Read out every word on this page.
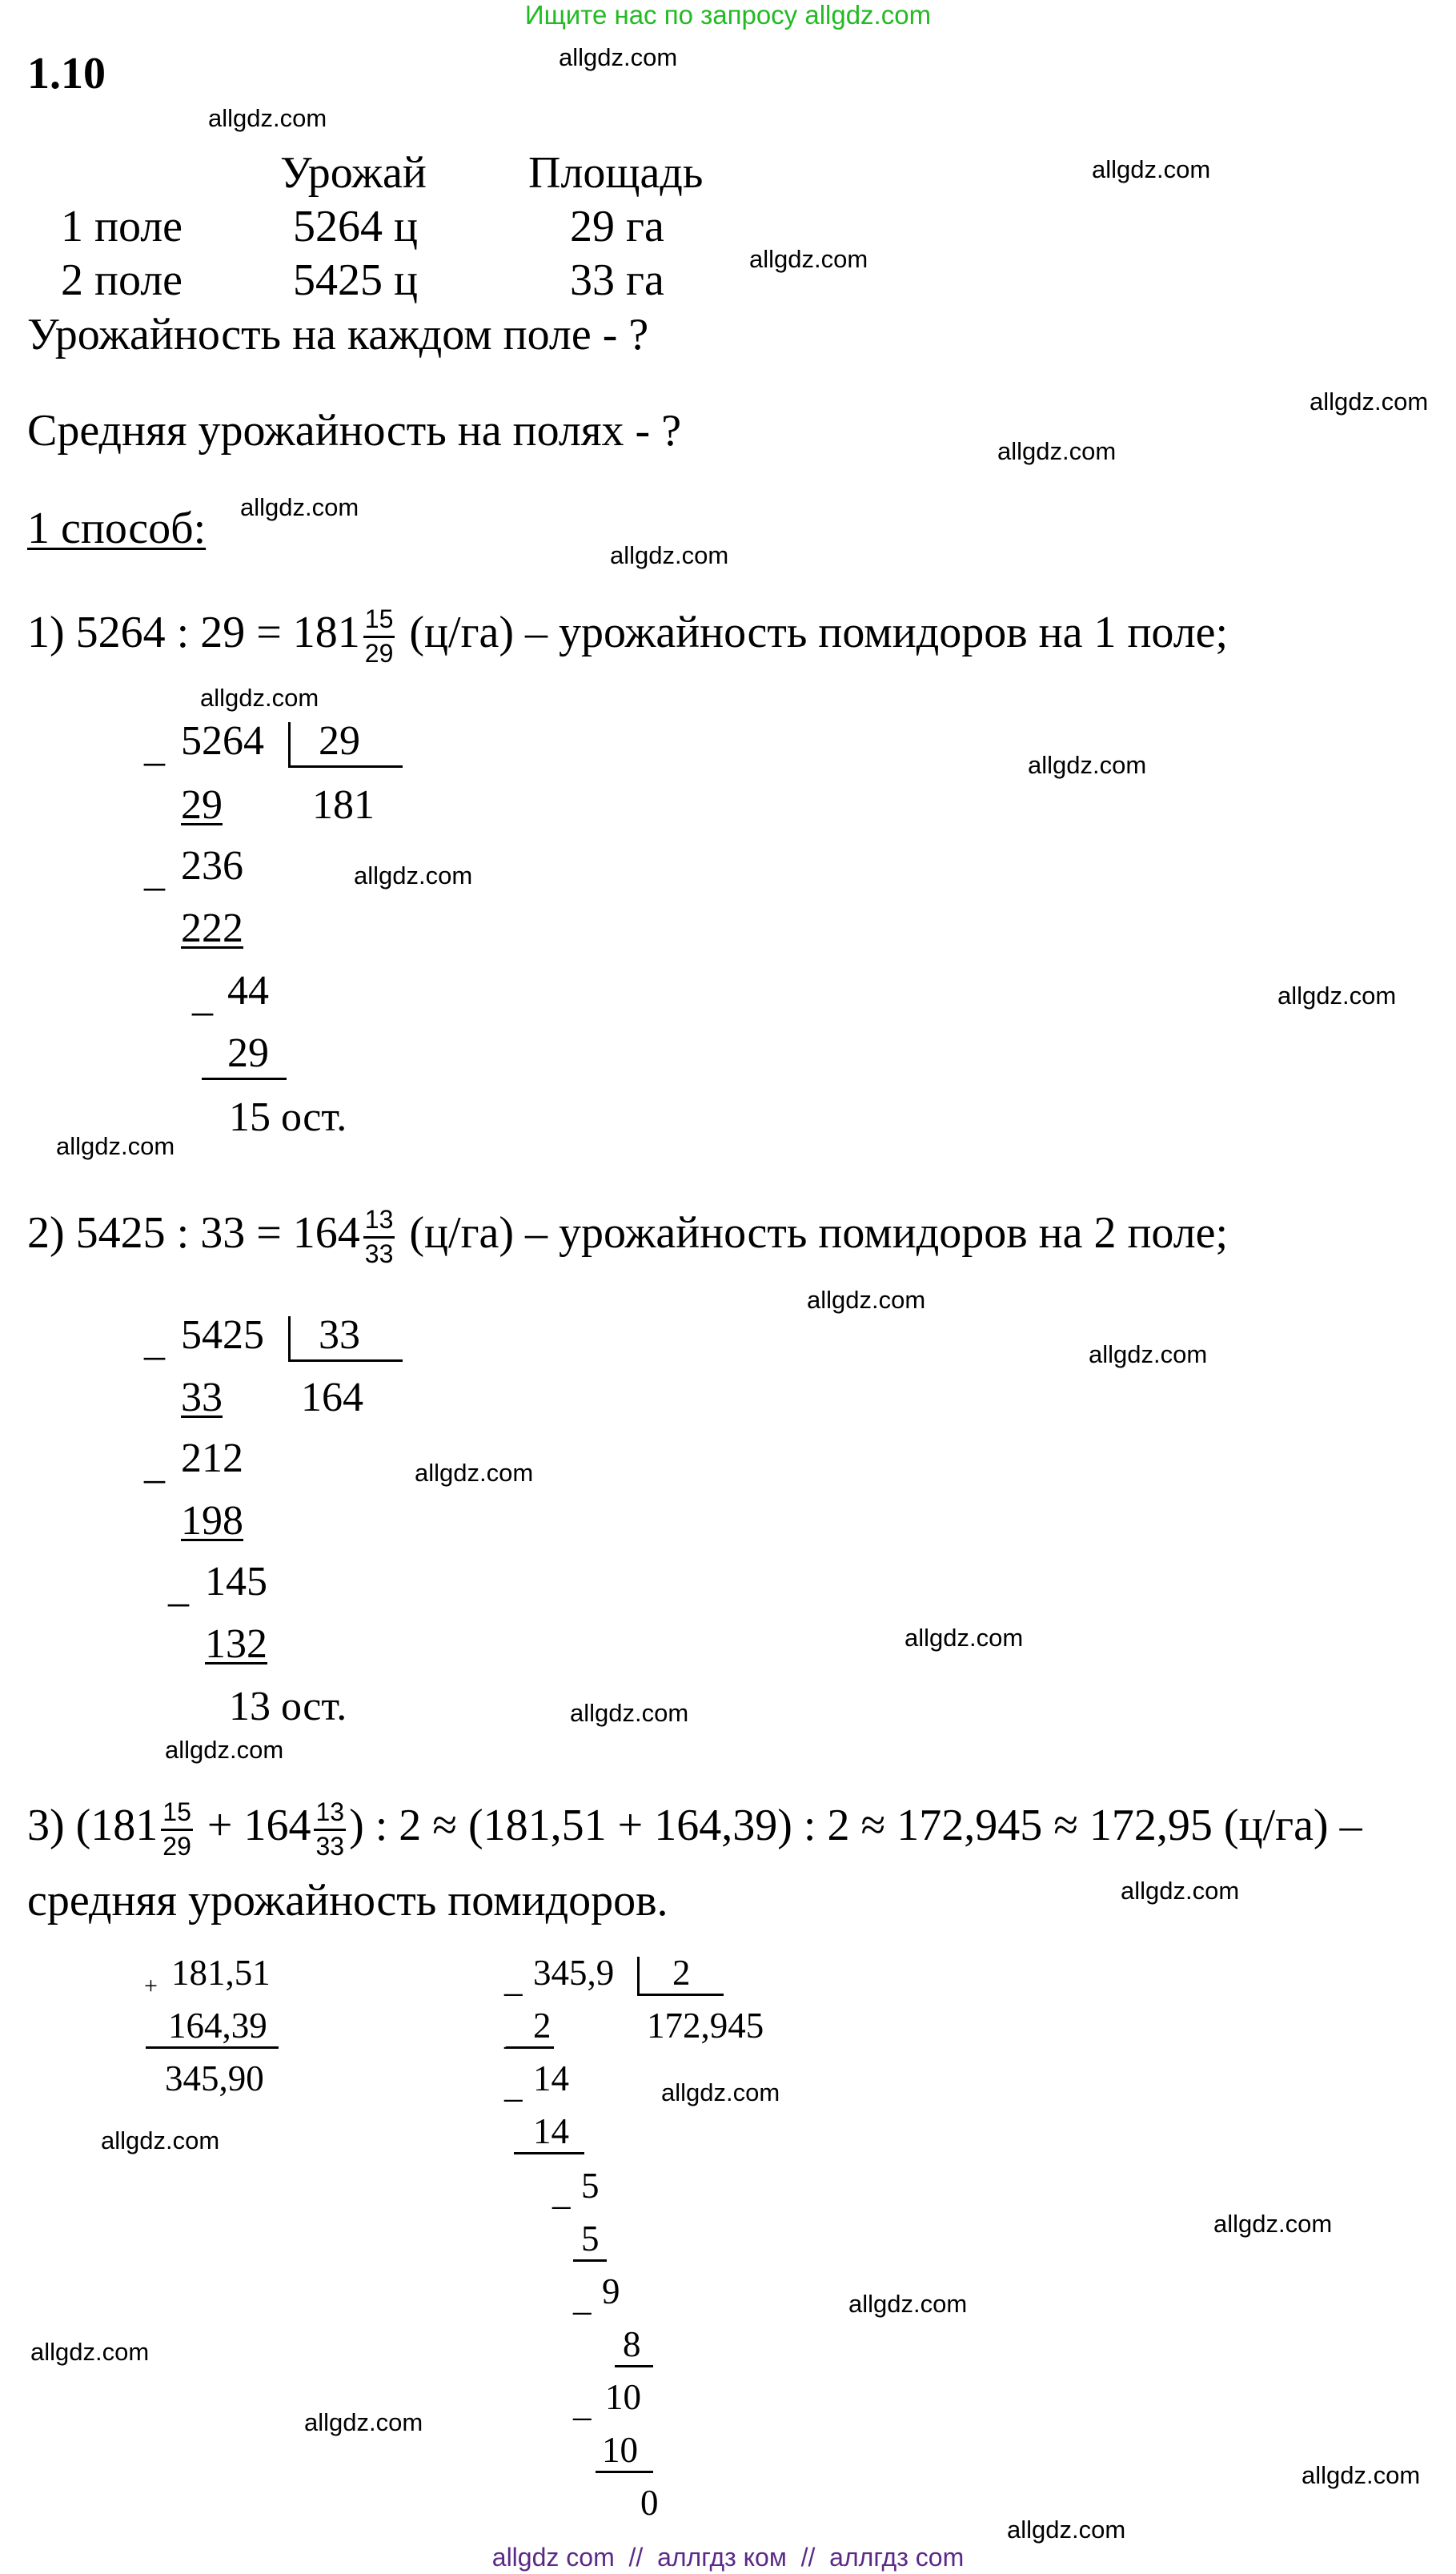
Ищите нас по запросу allgdz.com
1.10
Урожай Площадь
1 поле 5264 ц	29 га
2 поле 5425 ц	33 га
Урожайность на каждом поле - ?
Средняя урожайность на полях - ?
1 способ:
1) 5264 : $29 = 181 \frac{15}{29} (ц/га)$ – урожайность помидоров на 1 поле;
_ 5264 29
181
29
_ 236
222
_ 44
29
15 ост.
2) 5425 : $33 = 164 \frac{13}{33} (ц/га)$ – урожайность помидоров на 2 поле;
_ 5425 33
164
33
_ 212
198
_ 145
132
13 ост.
3) ($181 \frac{15}{29} + 164 \frac{13}{33}$ ) : 2 ≈ (181,51 + 164,39) : 2 ≈ 172,945 ≈ 172,95 (ц/га) –
средняя урожайность помидоров.
+ 181,51
164,39
345,90
_ 345,9 2
172,945
_ 2
_ 14
14
_ 5
5
_ 9
8
_ 10
10
0
allgdz.com
allgdz.com
allgdz.com
allgdz.com
allgdz.com
allgdz.com
allgdz.com
allgdz.com
allgdz.com
allgdz.com
allgdz.com
allgdz.com
allgdz.com
allgdz.com
allgdz.com
allgdz.com
allgdz.com
allgdz.com
allgdz.com
allgdz.com
allgdz.com
allgdz.com
allgdz.com
allgdz.com
allgdz.com
allgdz.com
allgdz.com
allgdz.com
allgdz com  //  аллгдз ком  //  аллгдз com
